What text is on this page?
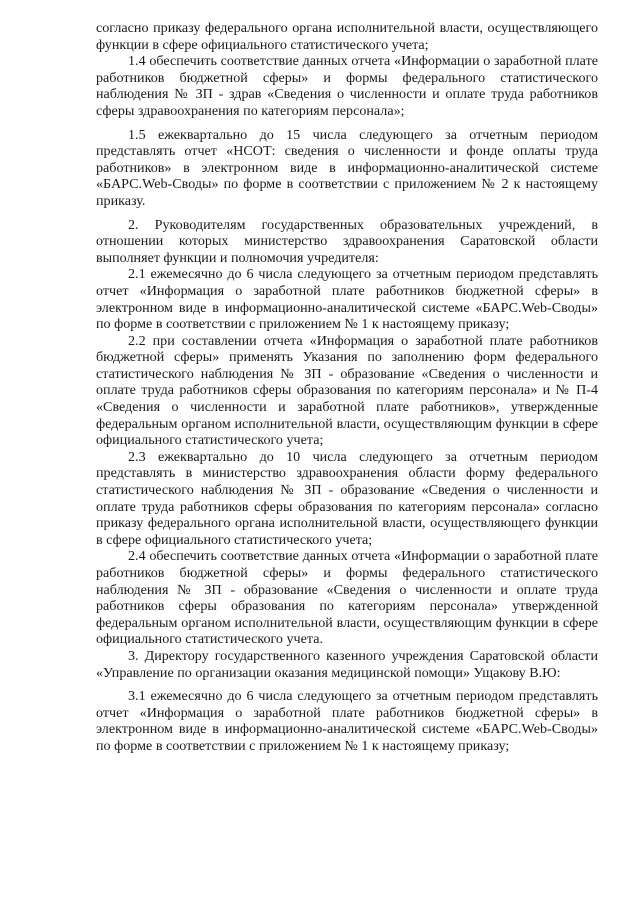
согласно приказу федерального органа исполнительной власти, осуществляющего функции в сфере официального статистического учета;

1.4 обеспечить соответствие данных отчета «Информации о заработной плате работников бюджетной сферы» и формы федерального статистического наблюдения № ЗП - здрав «Сведения о численности и оплате труда работников сферы здравоохранения по категориям персонала»;

1.5 ежеквартально до 15 числа следующего за отчетным периодом представлять отчет «НСОТ: сведения о численности и фонде оплаты труда работников» в электронном виде в информационно-аналитической системе «БАРС.Web-Своды» по форме в соответствии с приложением № 2 к настоящему приказу.

2. Руководителям государственных образовательных учреждений, в отношении которых министерство здравоохранения Саратовской области выполняет функции и полномочия учредителя:

2.1 ежемесячно до 6 числа следующего за отчетным периодом представлять отчет «Информация о заработной плате работников бюджетной сферы» в электронном виде в информационно-аналитической системе «БАРС.Web-Своды» по форме в соответствии с приложением № 1 к настоящему приказу;

2.2 при составлении отчета «Информация о заработной плате работников бюджетной сферы» применять Указания по заполнению форм федерального статистического наблюдения № ЗП - образование «Сведения о численности и оплате труда работников сферы образования по категориям персонала» и № П-4 «Сведения о численности и заработной плате работников», утвержденные федеральным органом исполнительной власти, осуществляющим функции в сфере официального статистического учета;

2.3 ежеквартально до 10 числа следующего за отчетным периодом представлять в министерство здравоохранения области форму федерального статистического наблюдения № ЗП - образование «Сведения о численности и оплате труда работников сферы образования по категориям персонала» согласно приказу федерального органа исполнительной власти, осуществляющего функции в сфере официального статистического учета;

2.4 обеспечить соответствие данных отчета «Информации о заработной плате работников бюджетной сферы» и формы федерального статистического наблюдения № ЗП - образование «Сведения о численности и оплате труда работников сферы образования по категориям персонала» утвержденной федеральным органом исполнительной власти, осуществляющим функции в сфере официального статистического учета.

3. Директору государственного казенного учреждения Саратовской области «Управление по организации оказания медицинской помощи» Ущакову В.Ю:

3.1 ежемесячно до 6 числа следующего за отчетным периодом представлять отчет «Информация о заработной плате работников бюджетной сферы» в электронном виде в информационно-аналитической системе «БАРС.Web-Своды» по форме в соответствии с приложением № 1 к настоящему приказу;
